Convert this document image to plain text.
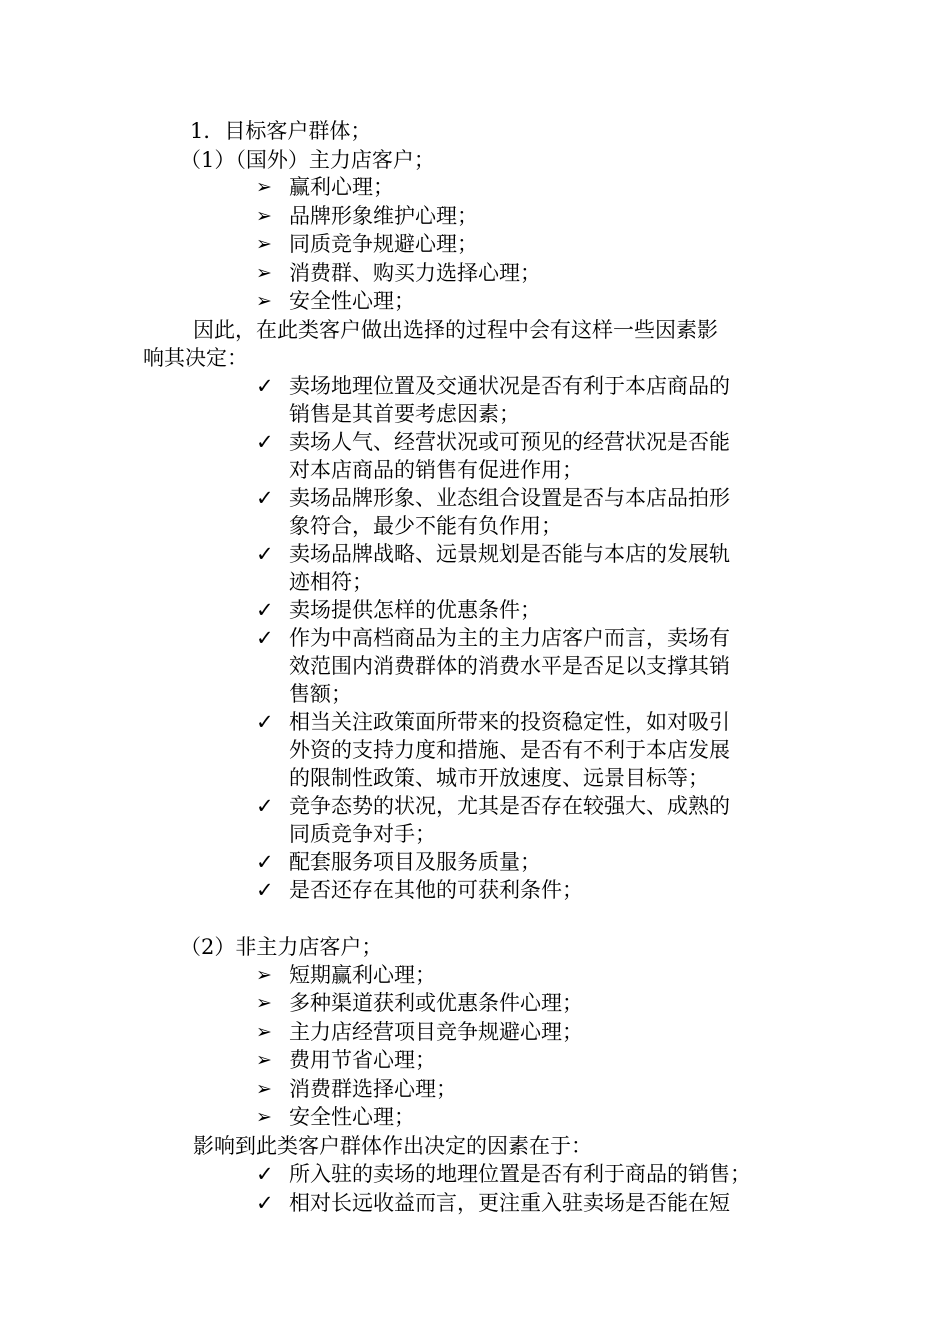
1．目标客户群体；
（1）（国外）主力店客户；
➢ 赢利心理；
➢ 品牌形象维护心理；
➢ 同质竞争规避心理；
➢ 消费群、购买力选择心理；
➢ 安全性心理；
因此，在此类客户做出选择的过程中会有这样一些因素影
响其决定：
✓ 卖场地理位置及交通状况是否有利于本店商品的
销售是其首要考虑因素；
✓ 卖场人气、经营状况或可预见的经营状况是否能
对本店商品的销售有促进作用；
✓ 卖场品牌形象、业态组合设置是否与本店品拍形
象符合，最少不能有负作用；
✓ 卖场品牌战略、远景规划是否能与本店的发展轨
迹相符；
✓ 卖场提供怎样的优惠条件；
✓ 作为中高档商品为主的主力店客户而言，卖场有
效范围内消费群体的消费水平是否足以支撑其销
售额；
✓ 相当关注政策面所带来的投资稳定性，如对吸引
外资的支持力度和措施、是否有不利于本店发展
的限制性政策、城市开放速度、远景目标等；
✓ 竞争态势的状况，尤其是否存在较强大、成熟的
同质竞争对手；
✓ 配套服务项目及服务质量；
✓ 是否还存在其他的可获利条件；
（2）非主力店客户；
➢ 短期赢利心理；
➢ 多种渠道获利或优惠条件心理；
➢ 主力店经营项目竞争规避心理；
➢ 费用节省心理；
➢ 消费群选择心理；
➢ 安全性心理；
影响到此类客户群体作出决定的因素在于：
✓ 所入驻的卖场的地理位置是否有利于商品的销售；
✓ 相对长远收益而言，更注重入驻卖场是否能在短
